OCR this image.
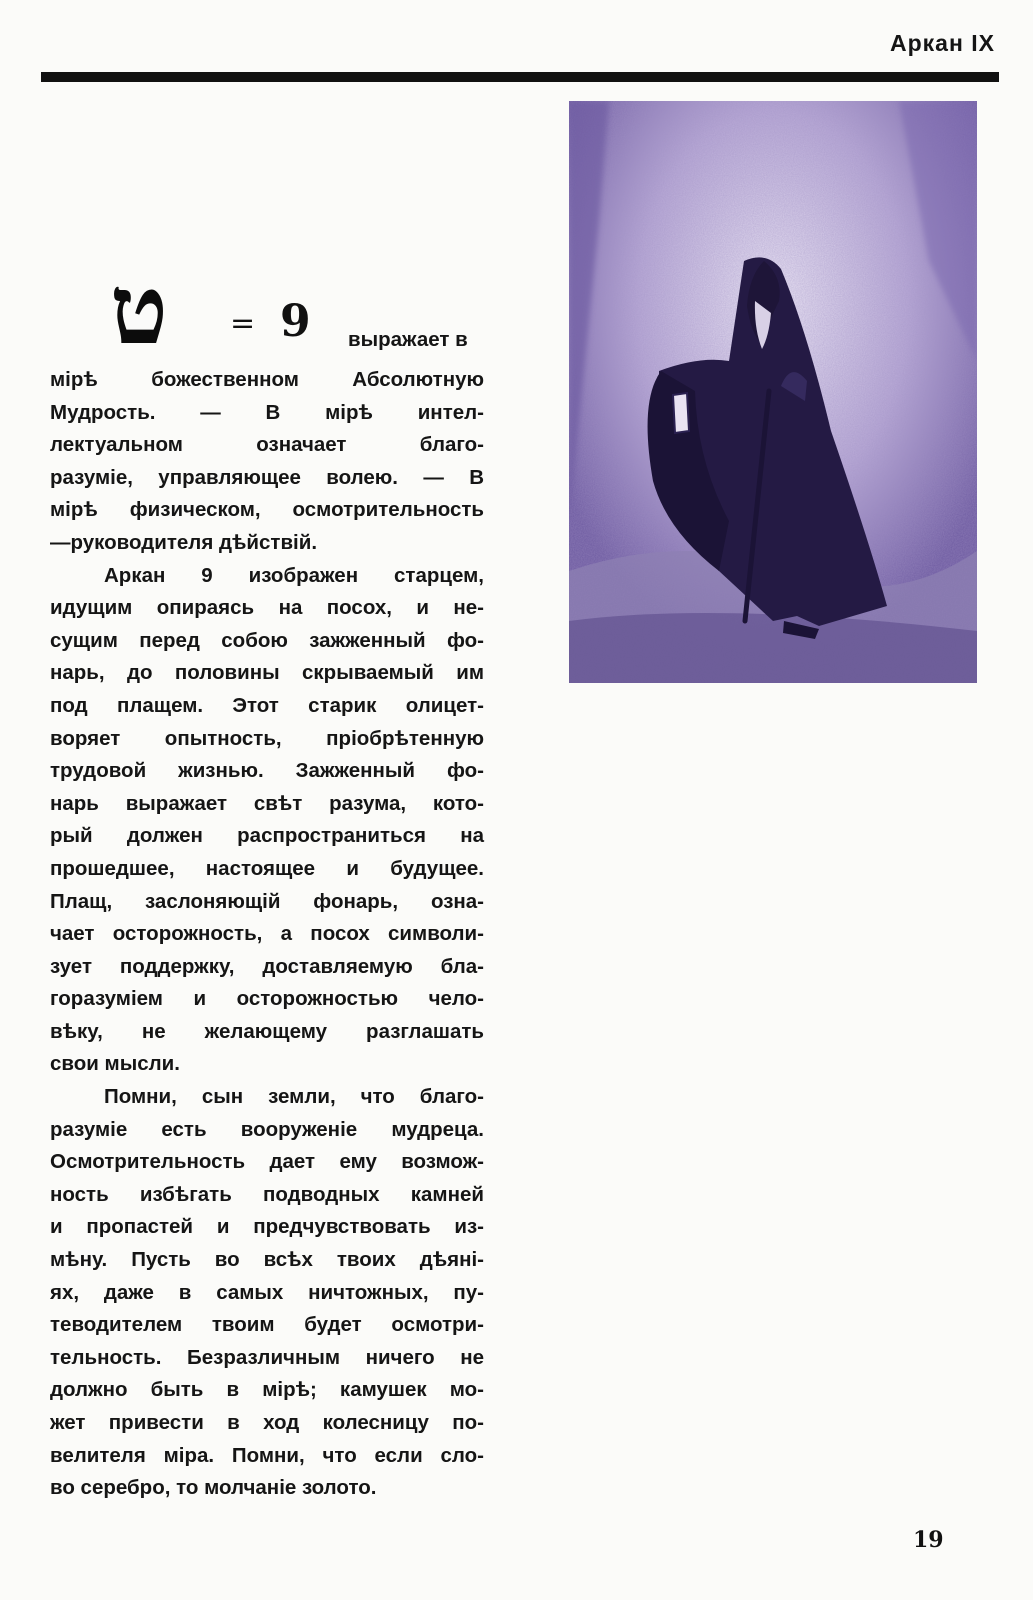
Аркан IX
ט = 9 выражает в
мірѣ божественном Абсолютную
Мудрость. — В мірѣ интел-
лектуальном означает благо-
разуміе, управляющее волею. — В
мірѣ физическом, осмотрительность
—руководителя дѣйствій.
Аркан 9 изображен старцем,
идущим опираясь на посох, и не-
сущим перед собою зажженный фо-
нарь, до половины скрываемый им
под плащем. Этот старик олицет-
воряет опытность, пріобрѣтенную
трудовой жизнью. Зажженный фо-
нарь выражает свѣт разума, кото-
рый должен распространиться на
прошедшее, настоящее и будущее.
Плащ, заслоняющій фонарь, озна-
чает осторожность, а посох символи-
зует поддержку, доставляемую бла-
горазуміем и осторожностью чело-
вѣку, не желающему разглашать
свои мысли.
Помни, сын земли, что благо-
разуміе есть вооруженіе мудреца.
Осмотрительность дает ему возмож-
ность избѣгать подводных камней
и пропастей и предчувствовать из-
мѣну. Пусть во всѣх твоих дѣяні-
ях, даже в самых ничтожных, пу-
теводителем твоим будет осмотри-
тельность. Безразличным ничего не
должно быть в мірѣ; камушек мо-
жет привести в ход колесницу по-
велителя міра. Помни, что если сло-
во серебро, то молчаніе золото.
19
